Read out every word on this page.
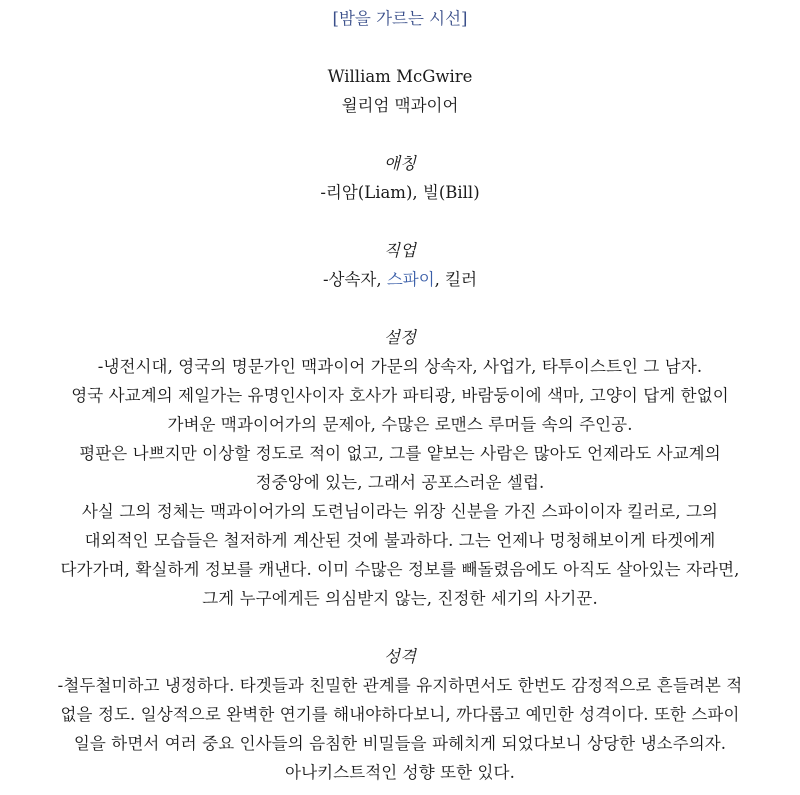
[밤을 가르는 시선]
William McGwire
윌리엄 맥과이어
애칭
-리암(Liam), 빌(Bill)
직업
-상속자, 스파이, 킬러
설정
-냉전시대, 영국의 명문가인 맥과이어 가문의 상속자, 사업가, 타투이스트인 그 남자.
영국 사교계의 제일가는 유명인사이자 호사가 파티광, 바람둥이에 색마, 고양이 답게 한없이
가벼운 맥과이어가의 문제아, 수많은 로맨스 루머들 속의 주인공.
평판은 나쁘지만 이상할 정도로 적이 없고, 그를 얕보는 사람은 많아도 언제라도 사교계의
정중앙에 있는, 그래서 공포스러운 셀럽.
사실 그의 정체는 맥과이어가의 도련님이라는 위장 신분을 가진 스파이이자 킬러로, 그의
대외적인 모습들은 철저하게 계산된 것에 불과하다. 그는 언제나 멍청해보이게 타겟에게
다가가며, 확실하게 정보를 캐낸다. 이미 수많은 정보를 빼돌렸음에도 아직도 살아있는 자라면,
그게 누구에게든 의심받지 않는, 진정한 세기의 사기꾼.
성격
-철두철미하고 냉정하다. 타겟들과 친밀한 관계를 유지하면서도 한번도 감정적으로 흔들려본 적
없을 정도. 일상적으로 완벽한 연기를 해내야하다보니, 까다롭고 예민한 성격이다. 또한 스파이
일을 하면서 여러 중요 인사들의 음침한 비밀들을 파헤치게 되었다보니 상당한 냉소주의자.
아나키스트적인 성향 또한 있다.
